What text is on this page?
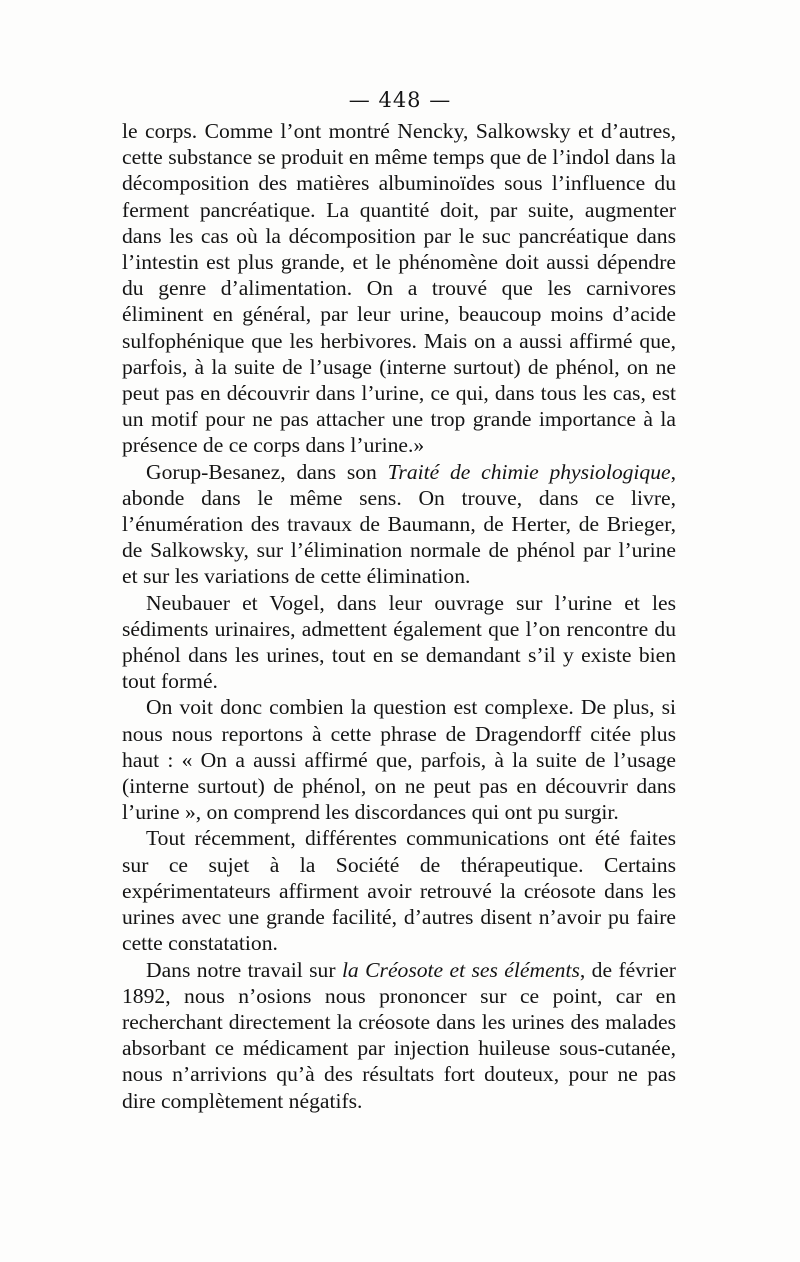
— 448 —

le corps. Comme l’ont montré Nencky, Salkowsky et d’autres, cette substance se produit en même temps que de l’indol dans la décomposition des matières albuminoïdes sous l’influence du ferment pancréatique. La quantité doit, par suite, augmenter dans les cas où la décomposition par le suc pancréatique dans l’intestin est plus grande, et le phénomène doit aussi dépendre du genre d’alimentation. On a trouvé que les carnivores éliminent en général, par leur urine, beaucoup moins d’acide sulfophénique que les herbivores. Mais on a aussi affirmé que, parfois, à la suite de l’usage (interne surtout) de phénol, on ne peut pas en découvrir dans l’urine, ce qui, dans tous les cas, est un motif pour ne pas attacher une trop grande importance à la présence de ce corps dans l’urine.»

Gorup-Besanez, dans son Traité de chimie physiologique, abonde dans le même sens. On trouve, dans ce livre, l’énumération des travaux de Baumann, de Herter, de Brieger, de Salkowsky, sur l’élimination normale de phénol par l’urine et sur les variations de cette élimination.

Neubauer et Vogel, dans leur ouvrage sur l’urine et les sédiments urinaires, admettent également que l’on rencontre du phénol dans les urines, tout en se demandant s’il y existe bien tout formé.

On voit donc combien la question est complexe. De plus, si nous nous reportons à cette phrase de Dragendorff citée plus haut : « On a aussi affirmé que, parfois, à la suite de l’usage (interne surtout) de phénol, on ne peut pas en découvrir dans l’urine », on comprend les discordances qui ont pu surgir.

Tout récemment, différentes communications ont été faites sur ce sujet à la Société de thérapeutique. Certains expérimentateurs affirment avoir retrouvé la créosote dans les urines avec une grande facilité, d’autres disent n’avoir pu faire cette constatation.

Dans notre travail sur la Créosote et ses éléments, de février 1892, nous n’osions nous prononcer sur ce point, car en recherchant directement la créosote dans les urines des malades absorbant ce médicament par injection huileuse sous-cutanée, nous n’arrivions qu’à des résultats fort douteux, pour ne pas dire complètement négatifs.
